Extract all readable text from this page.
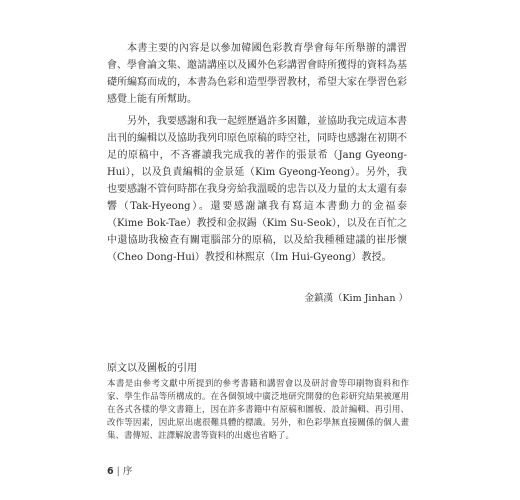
本書主要的內容是以參加韓國色彩教育學會每年所舉辦的講習會、學會論文集、邀請講座以及國外色彩講習會時所獲得的資料為基礎所編寫而成的，本書為色彩和造型學習教材，希望大家在學習色彩感覺上能有所幫助。

另外，我要感謝和我一起經歷過許多困難，並協助我完成這本書出刊的編輯以及協助我列印原色原稿的時空社，同時也感謝在初期不足的原稿中，不吝審讀我完成我的著作的張景希（Jang Gyeong-Hui），以及負責編輯的金景延（Kim Gyeong-Yeong）。另外，我也要感謝不管何時都在我身旁給我溫暖的忠告以及力量的太太還有泰響（Tak-Hyeong）。還要感謝讓我有寫這本書動力的金福泰（Kime Bok-Tae）教授和金叔錫（Kim Su-Seok），以及在百忙之中還協助我檢查有關電腦部分的原稿，以及給我種種建議的崔彤懷（Cheo Dong-Hui）教授和林熙京（Im Hui-Gyeong）教授。

金鎮漢（Kim Jinhan ）

原文以及圖板的引用

本書是由參考文獻中所提到的參考書籍和講習會以及研討會等印刷物資料和作家、學生作品等所構成的。在各個領域中廣泛地研究開發的色彩研究結果被運用在各式各樣的學文書籍上，因在許多書籍中有原稿和圖板、設計編輯、再引用、改作等因素，因此原出處很難具體的標識。另外，和色彩學無直接關係的個人畫集、書傳短、註譯解說書等資料的出處也省略了。

6 | 序
